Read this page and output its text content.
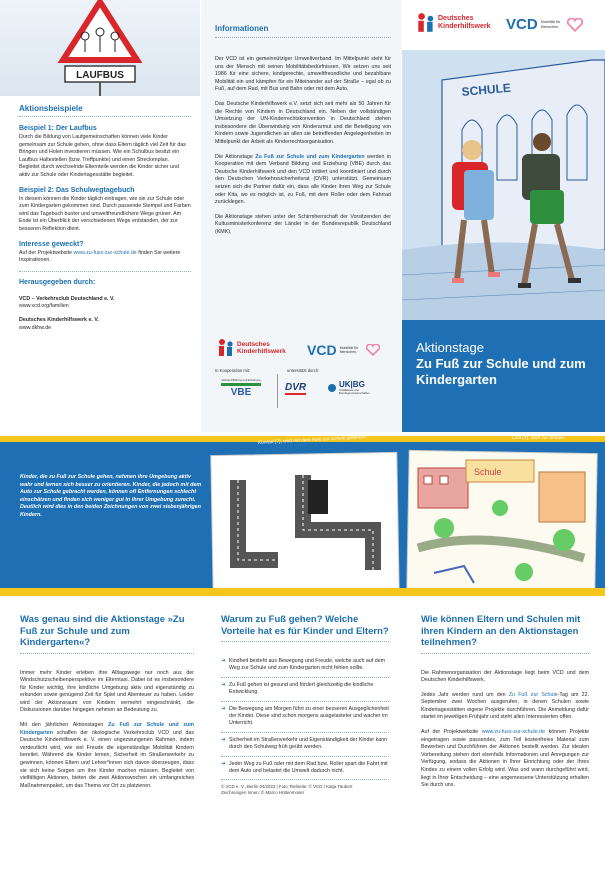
LAUFBUS
Aktionsbeispiele
Beispiel 1: Der Laufbus
Durch die Bildung von Laufgemeinschaften können viele Kinder gemeinsam zur Schule gehen, ohne dass Eltern täglich viel Zeit für das Bringen und Holen investieren müssen. Wie ein Schulbus besitzt ein Laufbus Haltestellen (bzw. Treffpunkte) und einen Streckenplan. Begleitet durch wechselnde Elternteile werden die Kinder sicher und aktiv zur Schule oder Kindertagesstätte begleitet.
Beispiel 2: Das Schulwegtagebuch
In diesem können die Kinder täglich eintragen, wie sie zur Schule oder zum Kindergarten gekommen sind. Durch passende Stempel und Farben wird das Tagebuch bunter und umweltfreundlichere Wege grüner. Am Ende ist ein Überblick der verschiedenen Wege entstanden, der zur besseren Reflektion dient.
Interesse geweckt?
Auf der Projektwebsite www.zu-fuss-zur-schule.de finden Sie weitere Inspirationen.
Herausgegeben durch:
VCD – Verkehrsclub Deutschland e. V.
www.vcd.org/familien
Deutsches Kinderhilfswerk e. V.
www.dkhw.de
Informationen
Der VCD ist ein gemeinnütziger Umweltverband. Im Mittelpunkt steht für uns der Mensch mit seinen Mobilitätsbedürfnissen. Wir setzen uns seit 1986 für eine sichere, kindgerechte, umweltfreundliche und bezahlbare Mobilität ein und kämpfen für ein Miteinander auf der Straße – egal ob zu Fuß, auf dem Rad, mit Bus und Bahn oder mit dem Auto.
Das Deutsche Kinderhilfswerk e.V. setzt sich seit mehr als 50 Jahren für die Rechte von Kindern in Deutschland ein. Neben der vollständigen Umsetzung der UN-Kinderrechtskonvention in Deutschland stehen insbesondere die Überwindung von Kinderarmut und die Beteiligung von Kindern sowie Jugendlichen an allen sie betreffenden Angelegenheiten im Mittelpunkt der Arbeit als Kinderrechtsorganisation.
Die Aktionstage Zu Fuß zur Schule und zum Kindergarten werden in Kooperation mit dem Verband Bildung und Erziehung (VBE) durch das Deutsche Kinderhilfswerk und den VCD initiiert und koordiniert und durch den Deutschen Verkehrssicherheitsrat (DVR) unterstützt. Gemeinsam setzen sich die Partner dafür ein, dass alle Kinder ihren Weg zur Schule oder Kita, wo es möglich ist, zu Fuß, mit dem Roller oder dem Fahrrad zurücklegen.
Die Aktionstage stehen unter der Schirmherrschaft der Vorsitzenden der Kultusministerkonferenz der Länder in der Bundesrepublik Deutschland (KMK).
Deutsches Kinderhilfswerk VCD Mobilität für Menschen.
In Kooperation mit:	unterstützt durch:
Verband Bildung und Erziehung
VBE	DVR	UK|BG
Unfallkasse und Berufsgenossenschaften
Deutsches Kinderhilfswerk VCD Mobilität für Menschen.
SCHULE
Aktionstage
Zu Fuß zur Schule und zum Kindergarten
Kinder, die zu Fuß zur Schule gehen, nehmen ihre Umgebung aktiv wahr und lernen sich besser zu orientieren. Kinder, die jedoch mit dem Auto zur Schule gebracht werden, können oft Entfernungen schlecht einschätzen und finden sich weniger gut in ihrer Umgebung zurecht. Deutlich wird dies in den beiden Zeichnungen von zwei siebenjährigen Kindern.
Konrad (7), wird mit dem Auto zur Schule gefahren.	Lina (7), läuft zur Schule.
Schule
Was genau sind die Aktionstage »Zu Fuß zur Schule und zum Kindergarten«?
Immer mehr Kinder erleben ihre Alltagswege nur noch aus der Windschutzscheibenperspektive im Elterntaxi. Dabei ist es insbesondere für Kinder wichtig, ihre kindliche Umgebung aktiv und eigenständig zu erkunden sowie genügend Zeit für Spiel und Abenteuer zu haben. Leider wird der Aktionsraum von Kindern vermehrt eingeschränkt, die Diskussionen darüber hingegen nehmen an Bedeutung zu.
Mit den jährlichen Aktionstagen Zu Fuß zur Schule und zum Kindergarten schaffen der ökologische Verkehrsclub VCD und das Deutsche Kinderhilfswerk e. V. einen ungezwungenen Rahmen, indem verdeutlicht wird, wie viel Freude die eigenständige Mobilität Kindern bereitet. Während die Kinder lernen, Sicherheit im Straßenverkehr zu gewinnen, können Eltern und Lehrer*innen sich davon überzeugen, dass sie sich keine Sorgen um ihre Kinder machen müssen. Begleitet von vielfältigen Aktionen, bieten die zwei Aktionswochen ein umfangreiches Maßnahmenpaket, um das Thema vor Ort zu platzieren.
Warum zu Fuß gehen? Welche Vorteile hat es für Kinder und Eltern?
➜ Kindheit besteht aus Bewegung und Freude, welche auch auf dem Weg zur Schule und zum Kindergarten nicht fehlen sollte.
➜ Zu Fuß gehen ist gesund und fördert gleichzeitig die kindliche Entwicklung.
➜ Die Bewegung am Morgen führt zu einer besseren Ausgeglichenheit der Kinder. Diese sind schon morgens ausgelasteter und wacher im Unterricht.
➜ Sicherheit im Straßenverkehr und Eigenständigkeit der Kinder kann durch den Schulweg früh geübt werden.
➜ Jeder Weg zu Fuß oder mit dem Rad bzw. Roller spart die Fahrt mit dem Auto und belastet die Umwelt dadurch nicht.
© VCD e. V., Berlin 04/2023 | Foto Titelseite: © VCD / Katja Täubert
Zeichnungen Innen: © Marco Hüttenmoser
Wie können Eltern und Schulen mit ihren Kindern an den Aktionstagen teilnehmen?
Die Rahmenorganisation der Aktionstage liegt beim VCD und dem Deutschen Kinderhilfswerk.
Jedes Jahr werden rund um den Zu Fuß zur Schule-Tag am 22. September zwei Wochen ausgerufen, in denen Schulen sowie Kindertagesstätten eigene Projekte durchführen. Die Anmeldung dafür startet im jeweiligen Frühjahr und steht allen Interessierten offen.
Auf der Projektwebsite www.zu-fuss-zur-schule.de können Projekte eingetragen sowie passendes, zum Teil kostenfreies Material zum Bewerben und Durchführen der Aktionen bestellt werden. Zur idealen Vorbereitung stehen dort ebenfalls Informationen und Anregungen zur Verfügung, sodass die Aktionen in Ihrer Einrichtung oder der Ihres Kindes zu einem vollen Erfolg wird. Was und wann durchgeführt wird, liegt in Ihrer Entscheidung – eine angemessene Unterstützung erhalten Sie durch uns.
